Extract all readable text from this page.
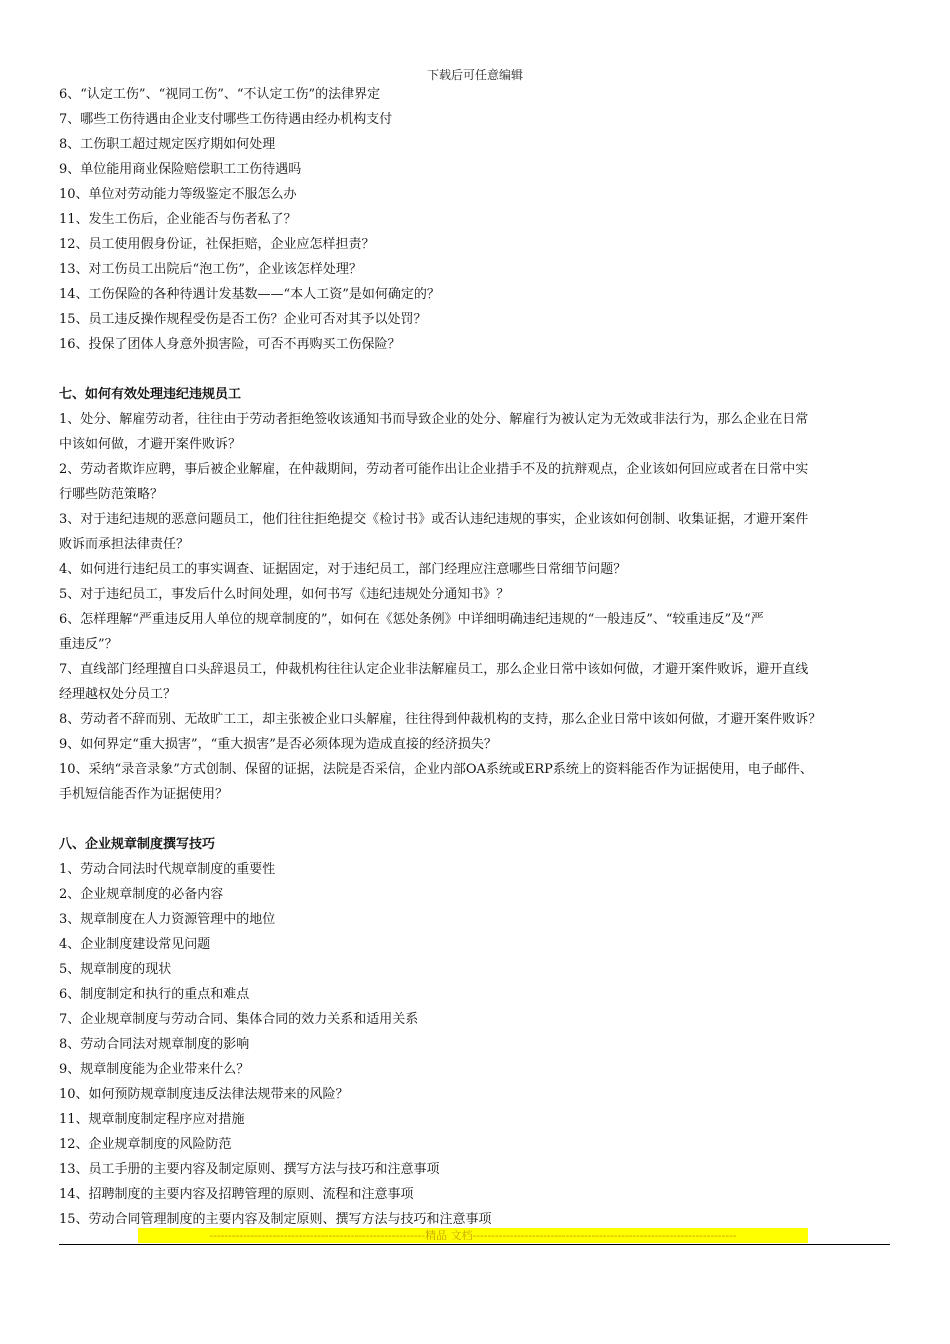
下载后可任意编辑
6、“认定工伤”、“视同工伤”、“不认定工伤”的法律界定
7、哪些工伤待遇由企业支付哪些工伤待遇由经办机构支付
8、工伤职工超过规定医疗期如何处理
9、单位能用商业保险赔偿职工工伤待遇吗
10、单位对劳动能力等级鉴定不服怎么办
11、发生工伤后，企业能否与伤者私了？
12、员工使用假身份证，社保拒赔，企业应怎样担责？
13、对工伤员工出院后“泡工伤”，企业该怎样处理？
14、工伤保险的各种待遇计发基数——“本人工资”是如何确定的？
15、员工违反操作规程受伤是否工伤？企业可否对其予以处罚？
16、投保了团体人身意外损害险，可否不再购买工伤保险？
七、如何有效处理违纪违规员工
1、处分、解雇劳动者，往往由于劳动者拒绝签收该通知书而导致企业的处分、解雇行为被认定为无效或非法行为，那么企业在日常
中该如何做，才避开案件败诉？
2、劳动者欺诈应聘，事后被企业解雇，在仲裁期间，劳动者可能作出让企业措手不及的抗辩观点，企业该如何回应或者在日常中实
行哪些防范策略？
3、对于违纪违规的恶意问题员工，他们往往拒绝提交《检讨书》或否认违纪违规的事实，企业该如何创制、收集证据，才避开案件
败诉而承担法律责任？
4、如何进行违纪员工的事实调查、证据固定，对于违纪员工，部门经理应注意哪些日常细节问题？
5、对于违纪员工，事发后什么时间处理，如何书写《违纪违规处分通知书》？
6、怎样理解“严重违反用人单位的规章制度的”，如何在《惩处条例》中详细明确违纪违规的“一般违反”、“较重违反”及“严
重违反”？
7、直线部门经理擅自口头辞退员工，仲裁机构往往认定企业非法解雇员工，那么企业日常中该如何做，才避开案件败诉，避开直线
经理越权处分员工？
8、劳动者不辞而别、无故旷工工，却主张被企业口头解雇，往往得到仲裁机构的支持，那么企业日常中该如何做，才避开案件败诉？
9、如何界定“重大损害”，“重大损害”是否必须体现为造成直接的经济损失？
10、采纳“录音录象”方式创制、保留的证据，法院是否采信，企业内部OA系统或ERP系统上的资料能否作为证据使用，电子邮件、
手机短信能否作为证据使用？
八、企业规章制度撰写技巧
1、劳动合同法时代规章制度的重要性
2、企业规章制度的必备内容
3、规章制度在人力资源管理中的地位
4、企业制度建设常见问题
5、规章制度的现状
6、制度制定和执行的重点和难点
7、企业规章制度与劳动合同、集体合同的效力关系和适用关系
8、劳动合同法对规章制度的影响
9、规章制度能为企业带来什么？
10、如何预防规章制度违反法律法规带来的风险？
11、规章制度制定程序应对措施
12、企业规章制度的风险防范
13、员工手册的主要内容及制定原则、撰写方法与技巧和注意事项
14、招聘制度的主要内容及招聘管理的原则、流程和注意事项
15、劳动合同管理制度的主要内容及制定原则、撰写方法与技巧和注意事项
----------------------------------------------------------精品 文档-----------------------------------------------------------------------
